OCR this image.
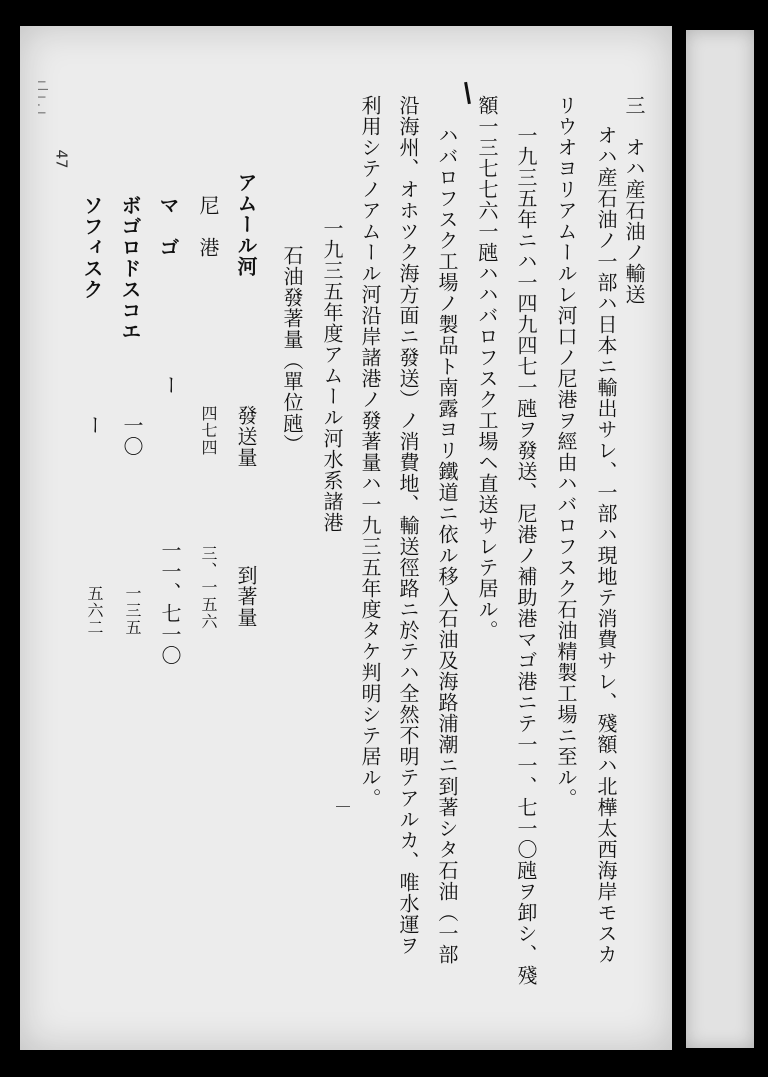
ılı.ı
47	三　オハ産石油ノ輸送
オハ産石油ノ一部ハ日本ニ輸出サレ、一部ハ現地テ消費サレ、殘額ハ北樺太西海岸モスカ
リウオヨリアムールレ河口ノ尼港ヲ經由ハバロフスク石油精製工場ニ至ル。
一九三五年ニハ一四九四七一瓲ヲ發送、尼港ノ補助港マゴ港ニテ一一、七一〇瓲ヲ卸シ、殘
額一三七七六一瓲ハハバロフスク工場ヘ直送サレテ居ル。
ハバロフスク工場ノ製品ト南露ヨリ鐵道ニ依ル移入石油及海路浦潮ニ到著シタ石油（一部
沿海州、オホツク海方面ニ發送）ノ消費地、輸送徑路ニ於テハ全然不明テアルカ、唯水運ヲ
利用シテノアムール河沿岸諸港ノ發著量ハ一九三五年度タケ判明シテ居ル。
一九三五年度アムール河水系諸港
石油發著量（單位瓲）
發送量
到著量
アムール河
尼　港
四七四
三、一五六
マ　ゴ
ー
一一、七一〇
ボゴロドスコエ
一〇
一三五
ソフィスク
ー
五六二
